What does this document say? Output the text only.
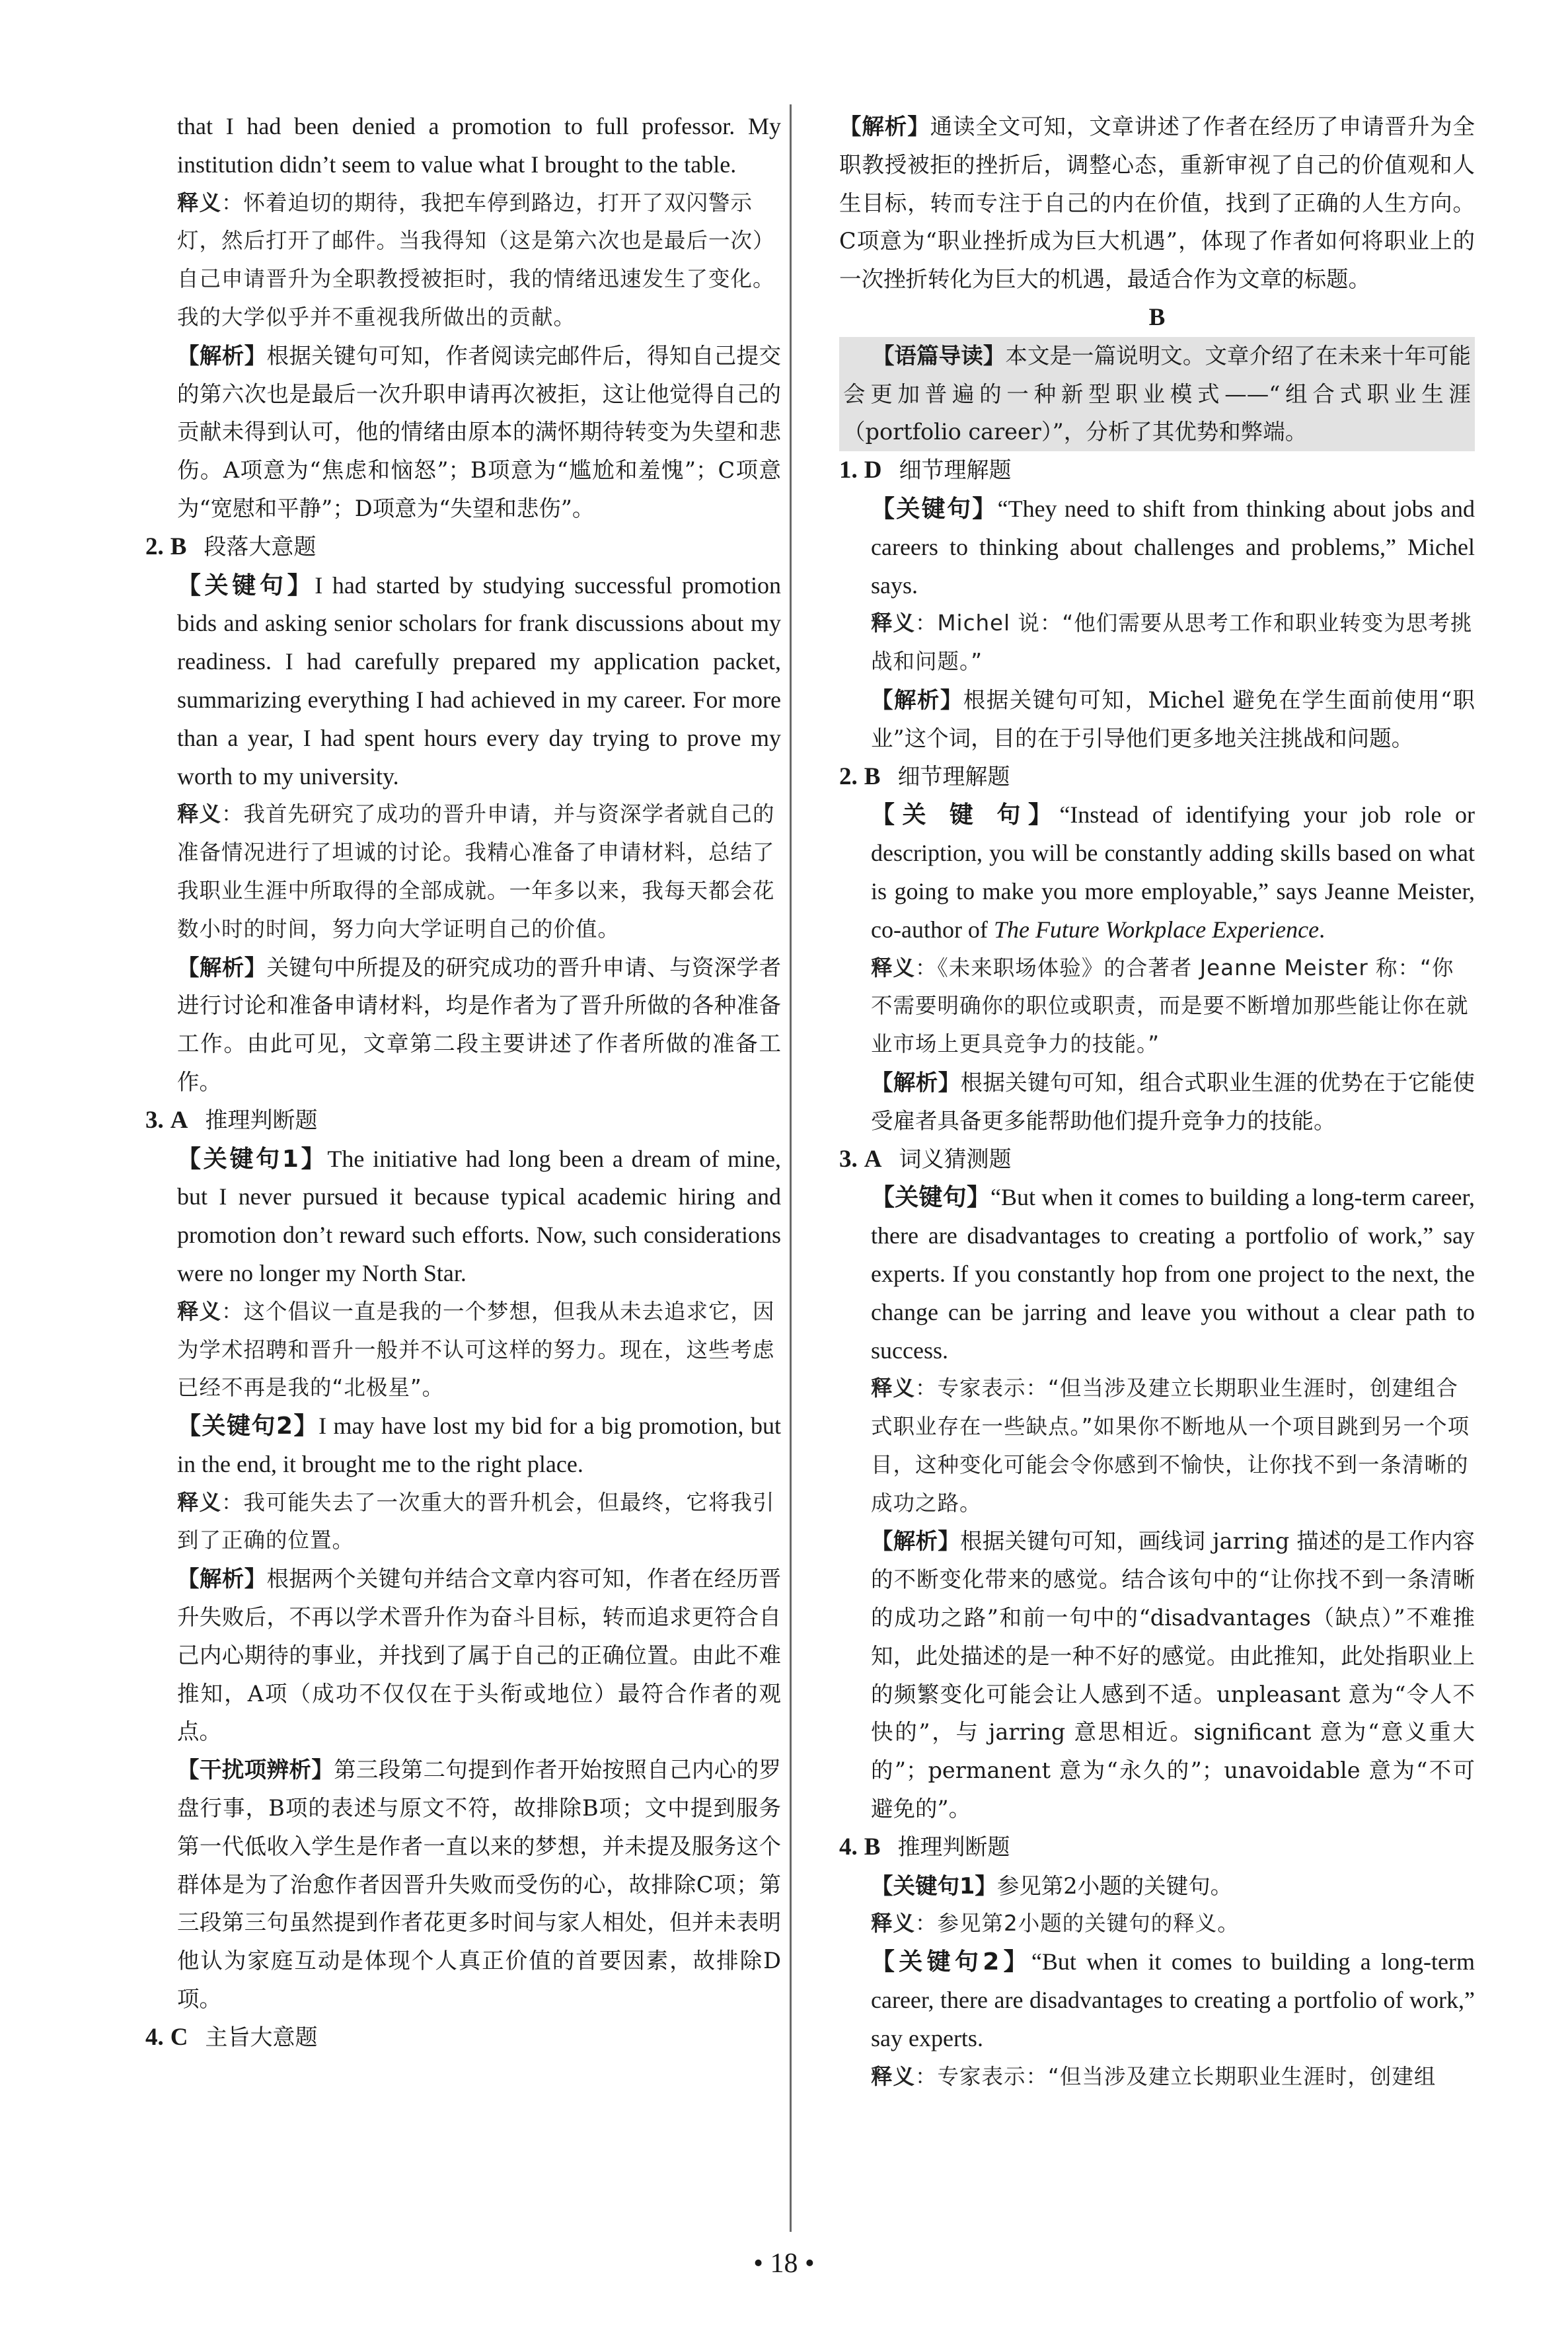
that I had been denied a promotion to full professor. My institution didn’t seem to value what I brought to the table.

释义：怀着迫切的期待，我把车停到路边，打开了双闪警示灯，然后打开了邮件。当我得知（这是第六次也是最后一次）自己申请晋升为全职教授被拒时，我的情绪迅速发生了变化。我的大学似乎并不重视我所做出的贡献。

【解析】根据关键句可知，作者阅读完邮件后，得知自己提交的第六次也是最后一次升职申请再次被拒，这让他觉得自己的贡献未得到认可，他的情绪由原本的满怀期待转变为失望和悲伤。A项意为“焦虑和恼怒”；B项意为“尴尬和羞愧”；C项意为“宽慰和平静”；D项意为“失望和悲伤”。

2. B 段落大意题

【关键句】I had started by studying successful promotion bids and asking senior scholars for frank discussions about my readiness. I had carefully prepared my application packet, summarizing everything I had achieved in my career. For more than a year, I had spent hours every day trying to prove my worth to my university.

释义：我首先研究了成功的晋升申请，并与资深学者就自己的准备情况进行了坦诚的讨论。我精心准备了申请材料，总结了我职业生涯中所取得的全部成就。一年多以来，我每天都会花数小时的时间，努力向大学证明自己的价值。

【解析】关键句中所提及的研究成功的晋升申请、与资深学者进行讨论和准备申请材料，均是作者为了晋升所做的各种准备工作。由此可见，文章第二段主要讲述了作者所做的准备工作。

3. A 推理判断题

【关键句1】The initiative had long been a dream of mine, but I never pursued it because typical academic hiring and promotion don’t reward such efforts. Now, such considerations were no longer my North Star.

释义：这个倡议一直是我的一个梦想，但我从未去追求它，因为学术招聘和晋升一般并不认可这样的努力。现在，这些考虑已经不再是我的“北极星”。

【关键句2】I may have lost my bid for a big promotion, but in the end, it brought me to the right place.

释义：我可能失去了一次重大的晋升机会，但最终，它将我引到了正确的位置。

【解析】根据两个关键句并结合文章内容可知，作者在经历晋升失败后，不再以学术晋升作为奋斗目标，转而追求更符合自己内心期待的事业，并找到了属于自己的正确位置。由此不难推知，A项（成功不仅仅在于头衔或地位）最符合作者的观点。

【干扰项辨析】第三段第二句提到作者开始按照自己内心的罗盘行事，B项的表述与原文不符，故排除B项；文中提到服务第一代低收入学生是作者一直以来的梦想，并未提及服务这个群体是为了治愈作者因晋升失败而受伤的心，故排除C项；第三段第三句虽然提到作者花更多时间与家人相处，但并未表明他认为家庭互动是体现个人真正价值的首要因素，故排除D项。

4. C 主旨大意题

【解析】通读全文可知，文章讲述了作者在经历了申请晋升为全职教授被拒的挫折后，调整心态，重新审视了自己的价值观和人生目标，转而专注于自己的内在价值，找到了正确的人生方向。C项意为“职业挫折成为巨大机遇”，体现了作者如何将职业上的一次挫折转化为巨大的机遇，最适合作为文章的标题。

B

【语篇导读】本文是一篇说明文。文章介绍了在未来十年可能会更加普遍的一种新型职业模式——“组合式职业生涯（portfolio career）”，分析了其优势和弊端。

1. D 细节理解题

【关键句】“They need to shift from thinking about jobs and careers to thinking about challenges and problems,” Michel says.

释义：Michel 说：“他们需要从思考工作和职业转变为思考挑战和问题。”

【解析】根据关键句可知，Michel 避免在学生面前使用“职业”这个词，目的在于引导他们更多地关注挑战和问题。

2. B 细节理解题

【关 键 句】“Instead of identifying your job role or description, you will be constantly adding skills based on what is going to make you more employable,” says Jeanne Meister, co-author of The Future Workplace Experience.

释义：《未来职场体验》的合著者 Jeanne Meister 称：“你不需要明确你的职位或职责，而是要不断增加那些能让你在就业市场上更具竞争力的技能。”

【解析】根据关键句可知，组合式职业生涯的优势在于它能使受雇者具备更多能帮助他们提升竞争力的技能。

3. A 词义猜测题

【关键句】“But when it comes to building a long-term career, there are disadvantages to creating a portfolio of work,” say experts. If you constantly hop from one project to the next, the change can be jarring and leave you without a clear path to success.

释义：专家表示：“但当涉及建立长期职业生涯时，创建组合式职业存在一些缺点。”如果你不断地从一个项目跳到另一个项目，这种变化可能会令你感到不愉快，让你找不到一条清晰的成功之路。

【解析】根据关键句可知，画线词 jarring 描述的是工作内容的不断变化带来的感觉。结合该句中的“让你找不到一条清晰的成功之路”和前一句中的“disadvantages（缺点）”不难推知，此处描述的是一种不好的感觉。由此推知，此处指职业上的频繁变化可能会让人感到不适。unpleasant 意为“令人不快的”，与 jarring 意思相近。significant 意为“意义重大的”；permanent 意为“永久的”；unavoidable 意为“不可避免的”。

4. B 推理判断题

【关键句1】参见第2小题的关键句。

释义：参见第2小题的关键句的释义。

【关键句2】“But when it comes to building a long-term career, there are disadvantages to creating a portfolio of work,” say experts.

释义：专家表示：“但当涉及建立长期职业生涯时，创建组

• 18 •
